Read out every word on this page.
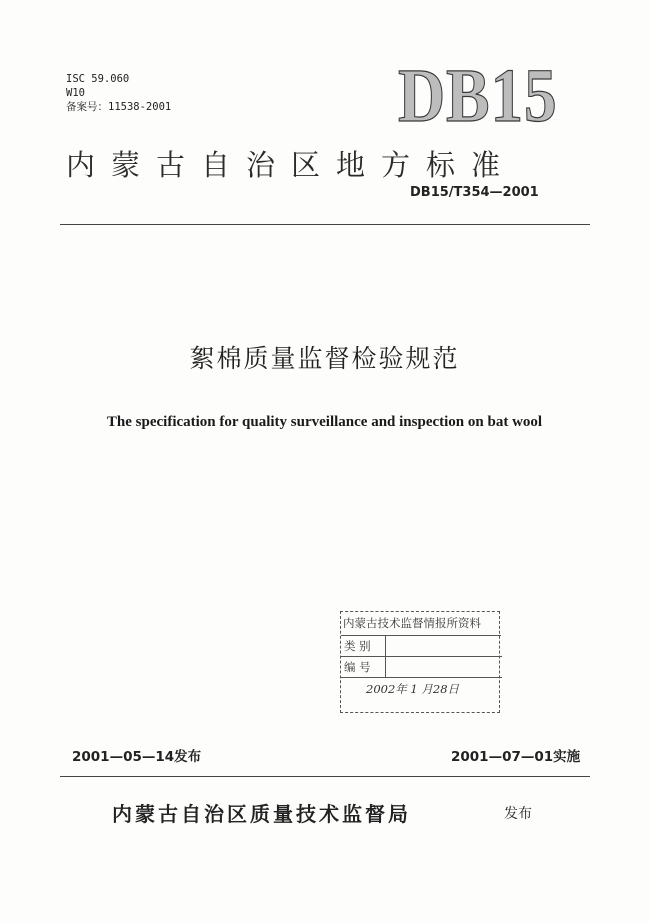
ISC 59.060
W10
备案号：11538-2001	DB15
内蒙古自治区地方标准
DB15/T354—2001
絮棉质量监督检验规范
The specification for quality surveillance and inspection on bat wool
内蒙古技术监督情报所资料
类 别
编 号
2002年 1 月28日
2001—05—14发布	2001—07—01实施
内蒙古自治区质量技术监督局	发布
